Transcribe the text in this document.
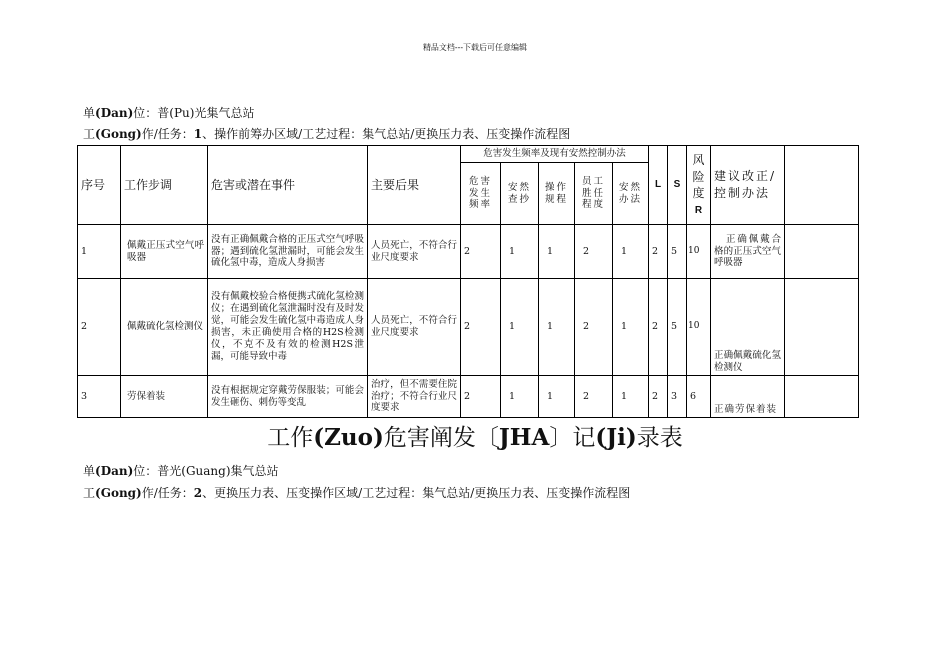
精品文档---下载后可任意编辑
单(Dan)位：普(Pu)光集气总站
工(Gong)作/任务：1、操作前筹办区域/工艺过程：集气总站/更换压力表、压变操作流程图
序号	工作步调	危害或潜在事件	主要后果	危害发生频率及现有安然控制办法					L	S	风险度
R	建议改正/控制办法	
				危害发生频率	安然查抄	操作规程	员工胜任程度	安然办法					
1	佩戴正压式空气呼吸器	没有正确佩戴合格的正压式空气呼吸器；遇到硫化氢泄漏时，可能会发生硫化氢中毒，造成人身损害	人员死亡，不符合行业尺度要求	2	1	1	2	1	2	5	10	正确佩戴合格的正压式空气呼吸器	
2	佩戴硫化氢检测仪	没有佩戴校验合格便携式硫化氢检测仪；在遇到硫化氢泄漏时没有及时发觉，可能会发生硫化氢中毒造成人身损害，未正确使用合格的H2S检测仪，不克不及有效的检测H2S泄漏，可能导致中毒	人员死亡，不符合行业尺度要求	2	1	1	2	1	2	5	10	正确佩戴硫化氢检测仪	
3	劳保着装	没有根据规定穿戴劳保服装；可能会发生砸伤、刺伤等变乱	治疗，但不需要住院治疗；不符合行业尺度要求	2	1	1	2	1	2	3	6	正确劳保着装	
工作(Zuo)危害阐发〔JHA〕记(Ji)录表
单(Dan)位：普光(Guang)集气总站
工(Gong)作/任务：2、更换压力表、压变操作区域/工艺过程：集气总站/更换压力表、压变操作流程图
